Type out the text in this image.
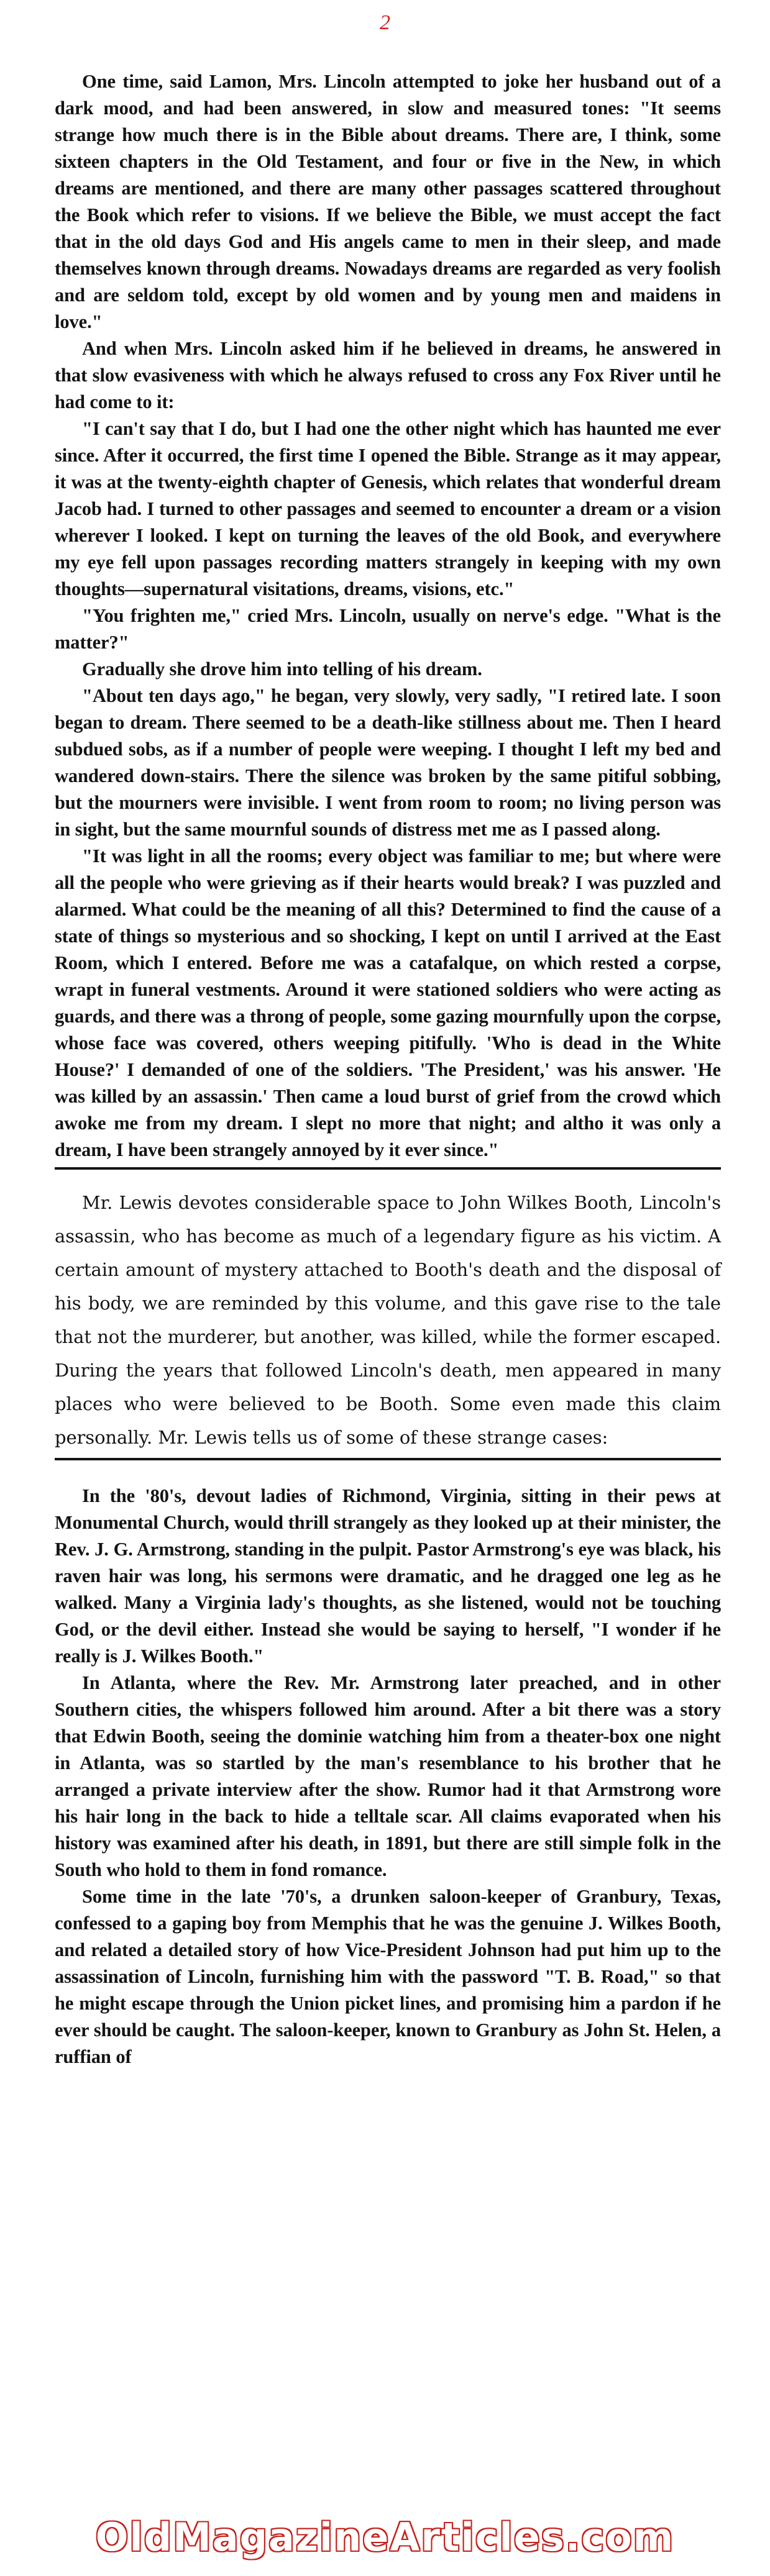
2

One time, said Lamon, Mrs. Lincoln attempted to joke her husband out of a dark mood, and had been answered, in slow and measured tones: "It seems strange how much there is in the Bible about dreams. There are, I think, some sixteen chapters in the Old Testament, and four or five in the New, in which dreams are mentioned, and there are many other passages scattered throughout the Book which refer to visions. If we believe the Bible, we must accept the fact that in the old days God and His angels came to men in their sleep, and made themselves known through dreams. Nowadays dreams are regarded as very foolish and are seldom told, except by old women and by young men and maidens in love."

And when Mrs. Lincoln asked him if he believed in dreams, he answered in that slow evasiveness with which he always refused to cross any Fox River until he had come to it:

"I can't say that I do, but I had one the other night which has haunted me ever since. After it occurred, the first time I opened the Bible. Strange as it may appear, it was at the twenty-eighth chapter of Genesis, which relates that wonderful dream Jacob had. I turned to other passages and seemed to encounter a dream or a vision wherever I looked. I kept on turning the leaves of the old Book, and everywhere my eye fell upon passages recording matters strangely in keeping with my own thoughts—supernatural visitations, dreams, visions, etc."

"You frighten me," cried Mrs. Lincoln, usually on nerve's edge. "What is the matter?"

Gradually she drove him into telling of his dream.

"About ten days ago," he began, very slowly, very sadly, "I retired late. I soon began to dream. There seemed to be a death-like stillness about me. Then I heard subdued sobs, as if a number of people were weeping. I thought I left my bed and wandered down-stairs. There the silence was broken by the same pitiful sobbing, but the mourners were invisible. I went from room to room; no living person was in sight, but the same mournful sounds of distress met me as I passed along.

"It was light in all the rooms; every object was familiar to me; but where were all the people who were grieving as if their hearts would break? I was puzzled and alarmed. What could be the meaning of all this? Determined to find the cause of a state of things so mysterious and so shocking, I kept on until I arrived at the East Room, which I entered. Before me was a catafalque, on which rested a corpse, wrapt in funeral vestments. Around it were stationed soldiers who were acting as guards, and there was a throng of people, some gazing mournfully upon the corpse, whose face was covered, others weeping pitifully. 'Who is dead in the White House?' I demanded of one of the soldiers. 'The President,' was his answer. 'He was killed by an assassin.' Then came a loud burst of grief from the crowd which awoke me from my dream. I slept no more that night; and altho it was only a dream, I have been strangely annoyed by it ever since."

Mr. Lewis devotes considerable space to John Wilkes Booth, Lincoln's assassin, who has become as much of a legendary figure as his victim. A certain amount of mystery attached to Booth's death and the disposal of his body, we are reminded by this volume, and this gave rise to the tale that not the murderer, but another, was killed, while the former escaped. During the years that followed Lincoln's death, men appeared in many places who were believed to be Booth. Some even made this claim personally. Mr. Lewis tells us of some of these strange cases:

In the '80's, devout ladies of Richmond, Virginia, sitting in their pews at Monumental Church, would thrill strangely as they looked up at their minister, the Rev. J. G. Armstrong, standing in the pulpit. Pastor Armstrong's eye was black, his raven hair was long, his sermons were dramatic, and he dragged one leg as he walked. Many a Virginia lady's thoughts, as she listened, would not be touching God, or the devil either. Instead she would be saying to herself, "I wonder if he really is J. Wilkes Booth."

In Atlanta, where the Rev. Mr. Armstrong later preached, and in other Southern cities, the whispers followed him around. After a bit there was a story that Edwin Booth, seeing the dominie watching him from a theater-box one night in Atlanta, was so startled by the man's resemblance to his brother that he arranged a private interview after the show. Rumor had it that Armstrong wore his hair long in the back to hide a telltale scar. All claims evaporated when his history was examined after his death, in 1891, but there are still simple folk in the South who hold to them in fond romance.

Some time in the late '70's, a drunken saloon-keeper of Granbury, Texas, confessed to a gaping boy from Memphis that he was the genuine J. Wilkes Booth, and related a detailed story of how Vice-President Johnson had put him up to the assassination of Lincoln, furnishing him with the password "T. B. Road," so that he might escape through the Union picket lines, and promising him a pardon if he ever should be caught. The saloon-keeper, known to Granbury as John St. Helen, a ruffian of

OldMagazineArticles.com
